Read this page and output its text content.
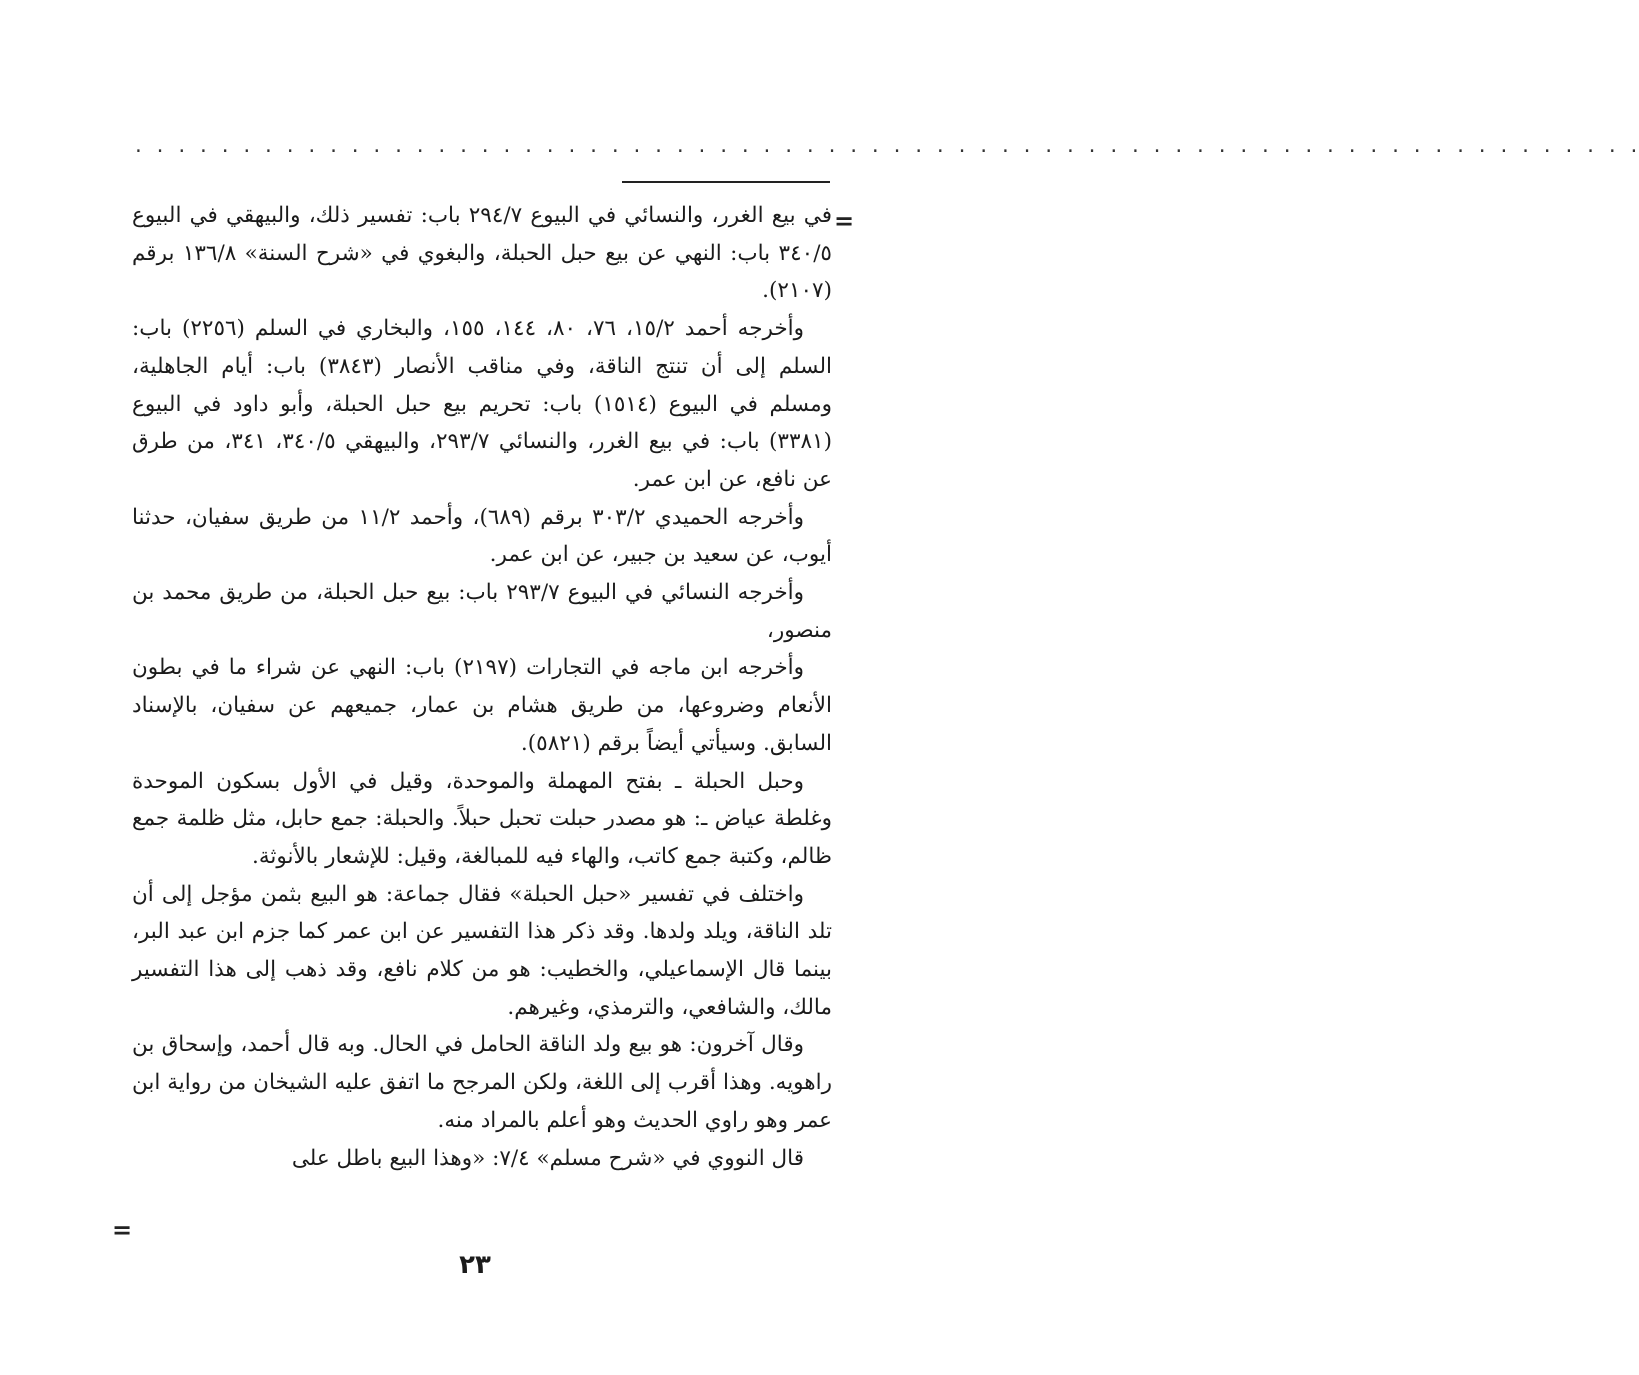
. . . . . . . . . . . . . . . . . . . . . . . . . . . . . . . . . . . . . . . . . . . . . . . . . . . . . . . . . . . . . . . . . . . . . .
=

في بيع الغرر، والنسائي في البيوع ٢٩٤/٧ باب: تفسير ذلك، والبيهقي في البيوع ٣٤٠/٥ باب: النهي عن بيع حبل الحبلة، والبغوي في «شرح السنة» ١٣٦/٨ برقم (٢١٠٧).

وأخرجه أحمد ١٥/٢، ٧٦، ٨٠، ١٤٤، ١٥٥، والبخاري في السلم (٢٢٥٦) باب: السلم إلى أن تنتج الناقة، وفي مناقب الأنصار (٣٨٤٣) باب: أيام الجاهلية، ومسلم في البيوع (١٥١٤) باب: تحريم بيع حبل الحبلة، وأبو داود في البيوع (٣٣٨١) باب: في بيع الغرر، والنسائي ٢٩٣/٧، والبيهقي ٣٤٠/٥، ٣٤١، من طرق عن نافع، عن ابن عمر.

وأخرجه الحميدي ٣٠٣/٢ برقم (٦٨٩)، وأحمد ١١/٢ من طريق سفيان، حدثنا أيوب، عن سعيد بن جبير، عن ابن عمر.

وأخرجه النسائي في البيوع ٢٩٣/٧ باب: بيع حبل الحبلة، من طريق محمد بن منصور،

وأخرجه ابن ماجه في التجارات (٢١٩٧) باب: النهي عن شراء ما في بطون الأنعام وضروعها، من طريق هشام بن عمار، جميعهم عن سفيان، بالإسناد السابق. وسيأتي أيضاً برقم (٥٨٢١).

وحبل الحبلة ـ بفتح المهملة والموحدة، وقيل في الأول بسكون الموحدة وغلطة عياض ـ: هو مصدر حبلت تحبل حبلاً. والحبلة: جمع حابل، مثل ظلمة جمع ظالم، وكتبة جمع كاتب، والهاء فيه للمبالغة، وقيل: للإشعار بالأنوثة.

واختلف في تفسير «حبل الحبلة» فقال جماعة: هو البيع بثمن مؤجل إلى أن تلد الناقة، ويلد ولدها. وقد ذكر هذا التفسير عن ابن عمر كما جزم ابن عبد البر، بينما قال الإسماعيلي، والخطيب: هو من كلام نافع، وقد ذهب إلى هذا التفسير مالك، والشافعي، والترمذي، وغيرهم.

وقال آخرون: هو بيع ولد الناقة الحامل في الحال. وبه قال أحمد، وإسحاق بن راهويه. وهذا أقرب إلى اللغة، ولكن المرجح ما اتفق عليه الشيخان من رواية ابن عمر وهو راوي الحديث وهو أعلم بالمراد منه.

قال النووي في «شرح مسلم» ٧/٤: «وهذا البيع باطل على

=
٢٣
